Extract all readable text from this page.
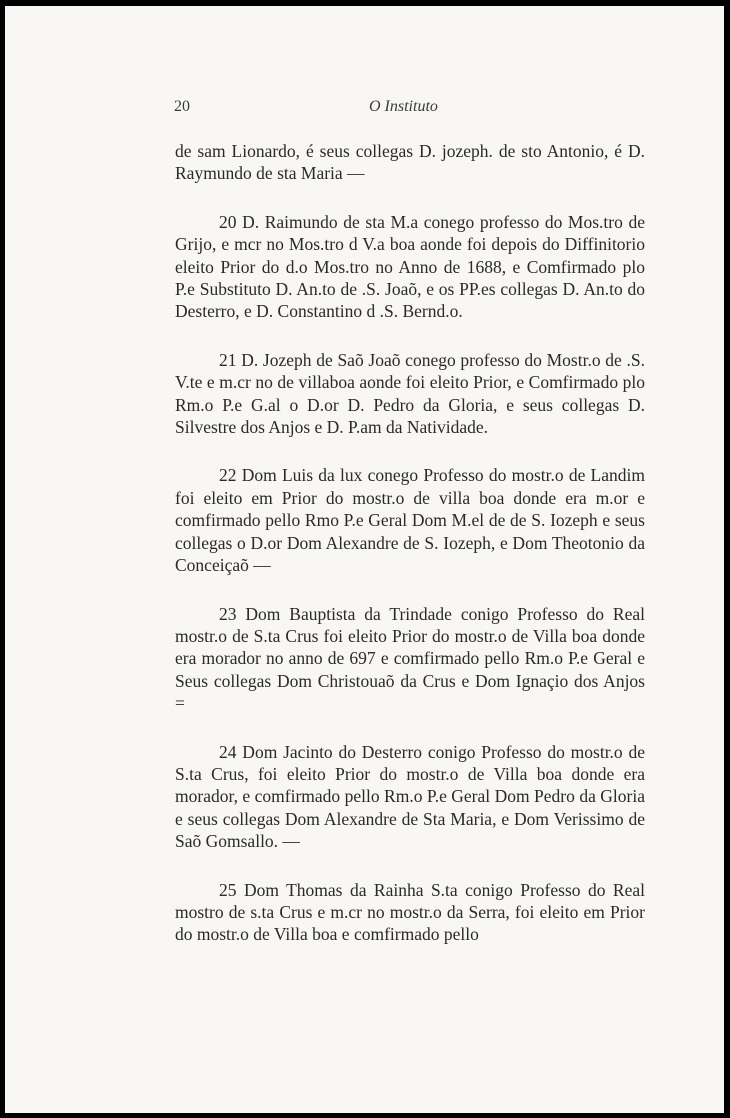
20	O Instituto

de sam Lionardo, é seus collegas D. jozeph. de sto Antonio, é D. Raymundo de sta Maria —

20 D. Raimundo de sta M.a conego professo do Mos.tro de Grijo, e mcr no Mos.tro d V.a boa aonde foi depois do Diffinitorio eleito Prior do d.o Mos.tro no Anno de 1688, e Comfirmado plo P.e Substituto D. An.to de .S. Joaõ, e os PP.es collegas D. An.to do Desterro, e D. Constantino d .S. Bernd.o.

21 D. Jozeph de Saõ Joaõ conego professo do Mostr.o de .S. V.te e m.cr no de villaboa aonde foi eleito Prior, e Comfirmado plo Rm.o P.e G.al o D.or D. Pedro da Gloria, e seus collegas D. Silvestre dos Anjos e D. P.am da Natividade.

22 Dom Luis da lux conego Professo do mostr.o de Landim foi eleito em Prior do mostr.o de villa boa donde era m.or e comfirmado pello Rmo P.e Geral Dom M.el de de S. Iozeph e seus collegas o D.or Dom Alexandre de S. Iozeph, e Dom Theotonio da Conceiçaõ —

23 Dom Bauptista da Trindade conigo Professo do Real mostr.o de S.ta Crus foi eleito Prior do mostr.o de Villa boa donde era morador no anno de 697 e comfirmado pello Rm.o P.e Geral e Seus collegas Dom Christouaõ da Crus e Dom Ignaçio dos Anjos =

24 Dom Jacinto do Desterro conigo Professo do mostr.o de S.ta Crus, foi eleito Prior do mostr.o de Villa boa donde era morador, e comfirmado pello Rm.o P.e Geral Dom Pedro da Gloria e seus collegas Dom Alexandre de Sta Maria, e Dom Verissimo de Saõ Gomsallo. —

25 Dom Thomas da Rainha S.ta conigo Professo do Real mostro de s.ta Crus e m.cr no mostr.o da Serra, foi eleito em Prior do mostr.o de Villa boa e comfirmado pello
